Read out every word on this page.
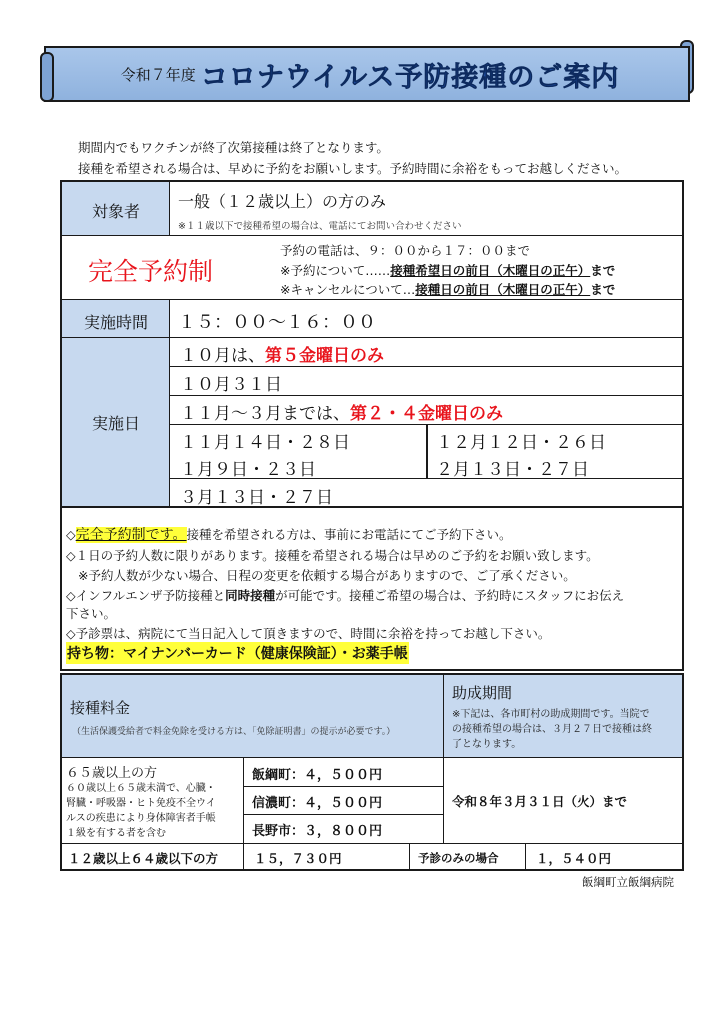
令和７年度 コロナウイルス予防接種のご案内
期間内でもワクチンが終了次第接種は終了となります。
接種を希望される場合は、早めに予約をお願いします。予約時間に余裕をもってお越しください。
対象者
一般（１２歳以上）の方のみ
※１１歳以下で接種希望の場合は、電話にてお問い合わせください
完全予約制
予約の電話は、９：００から１７：００まで
※予約について……接種希望日の前日（木曜日の正午）まで
※キャンセルについて…接種日の前日（木曜日の正午）まで
実施時間	１５：００～１６：００
実施日
１０月は、第５金曜日のみ
１０月３１日
１１月～３月までは、第２・４金曜日のみ
１１月１４日・２８日	１２月１２日・２６日
１月９日・２３日	２月１３日・２７日
３月１３日・２７日
◇完全予約制です。接種を希望される方は、事前にお電話にてご予約下さい。
◇１日の予約人数に限りがあります。接種を希望される場合は早めのご予約をお願い致します。
※予約人数が少ない場合、日程の変更を依頼する場合がありますので、ご了承ください。
◇インフルエンザ予防接種と同時接種が可能です。接種ご希望の場合は、予約時にスタッフにお伝え
下さい。
◇予診票は、病院にて当日記入して頂きますので、時間に余裕を持ってお越し下さい。
持ち物：マイナンバーカード（健康保険証）・お薬手帳
接種料金
（生活保護受給者で料金免除を受ける方は、「免除証明書」の提示が必要です。）
助成期間
※下記は、各市町村の助成期間です。当院で
の接種希望の場合は、３月２７日で接種は終
了となります。
６５歳以上の方
６０歳以上６５歳未満で、心臓・
腎臓・呼吸器・ヒト免疫不全ウイ
ルスの疾患により身体障害者手帳
１級を有する者を含む
飯綱町：４，５００円
信濃町：４，５００円
長野市：３，８００円
令和８年３月３１日（火）まで
１２歳以上６４歳以下の方	１５，７３０円	予診のみの場合	１，５４０円
飯綱町立飯綱病院
